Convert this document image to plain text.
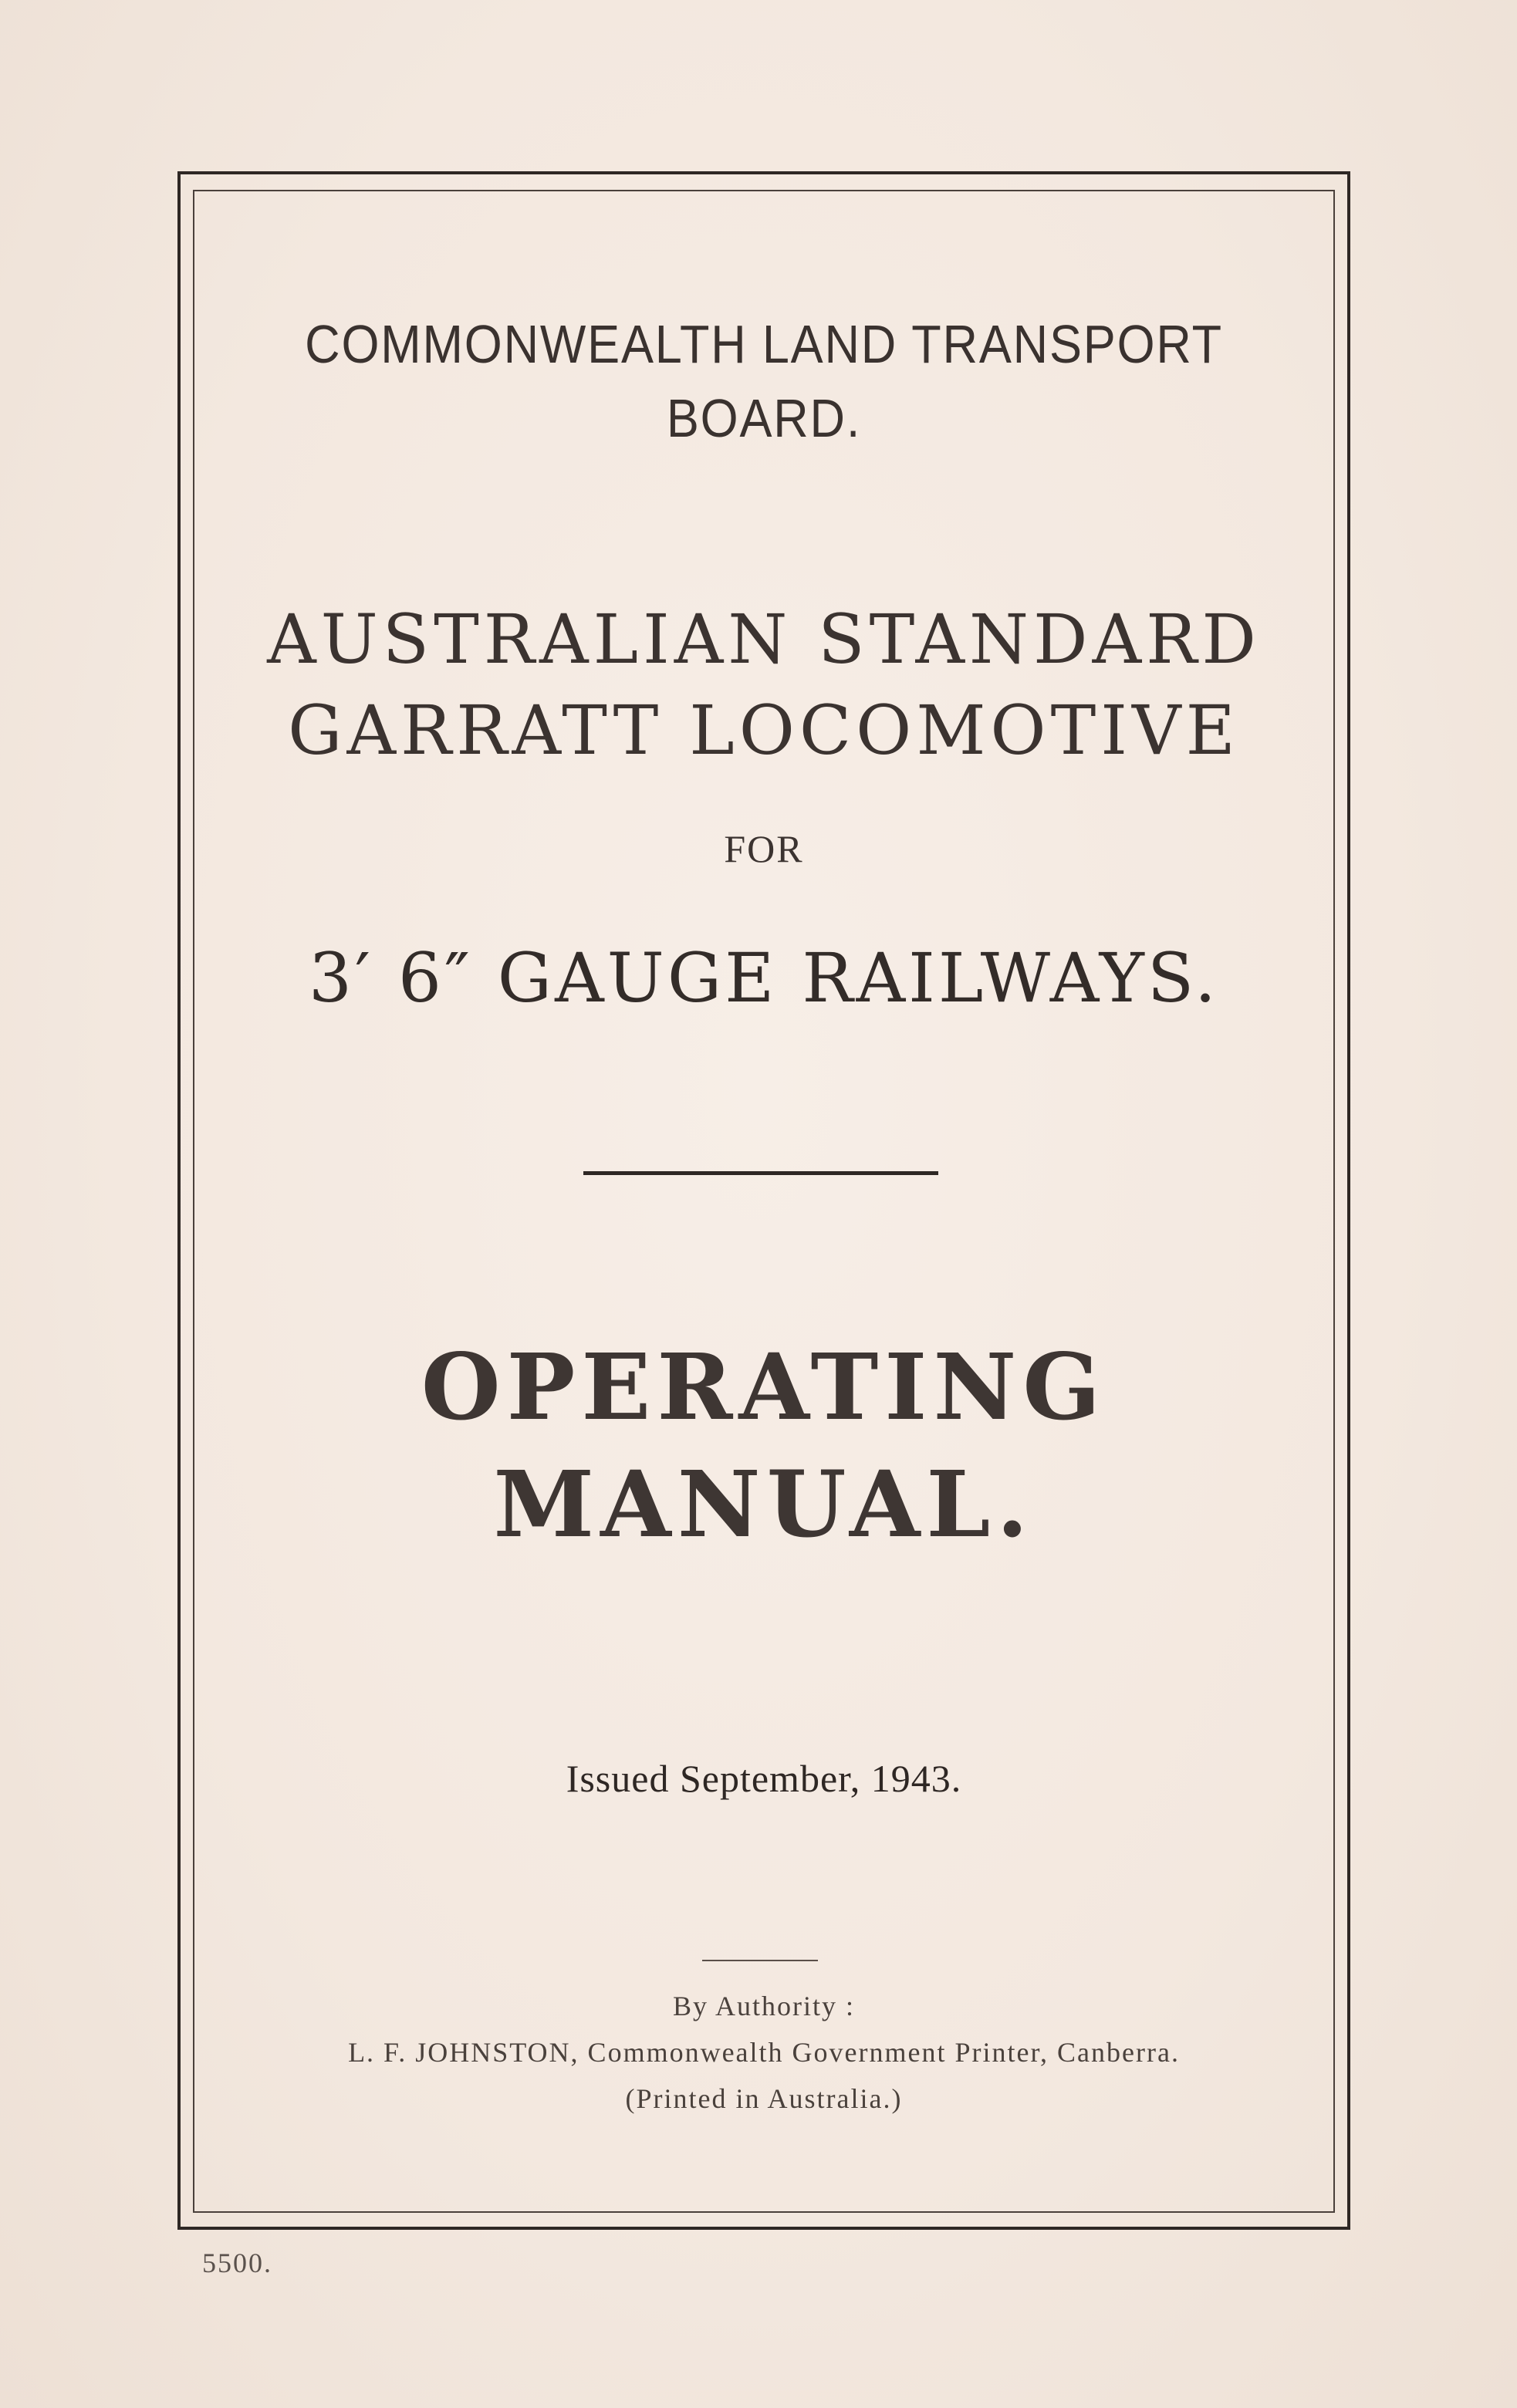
COMMONWEALTH LAND TRANSPORT
BOARD.
AUSTRALIAN STANDARD
GARRATT LOCOMOTIVE
FOR
3′ 6″ GAUGE RAILWAYS.
OPERATING
MANUAL.
Issued September, 1943.
By Authority :
L. F. JOHNSTON, Commonwealth Government Printer, Canberra.
(Printed in Australia.)
5500.
